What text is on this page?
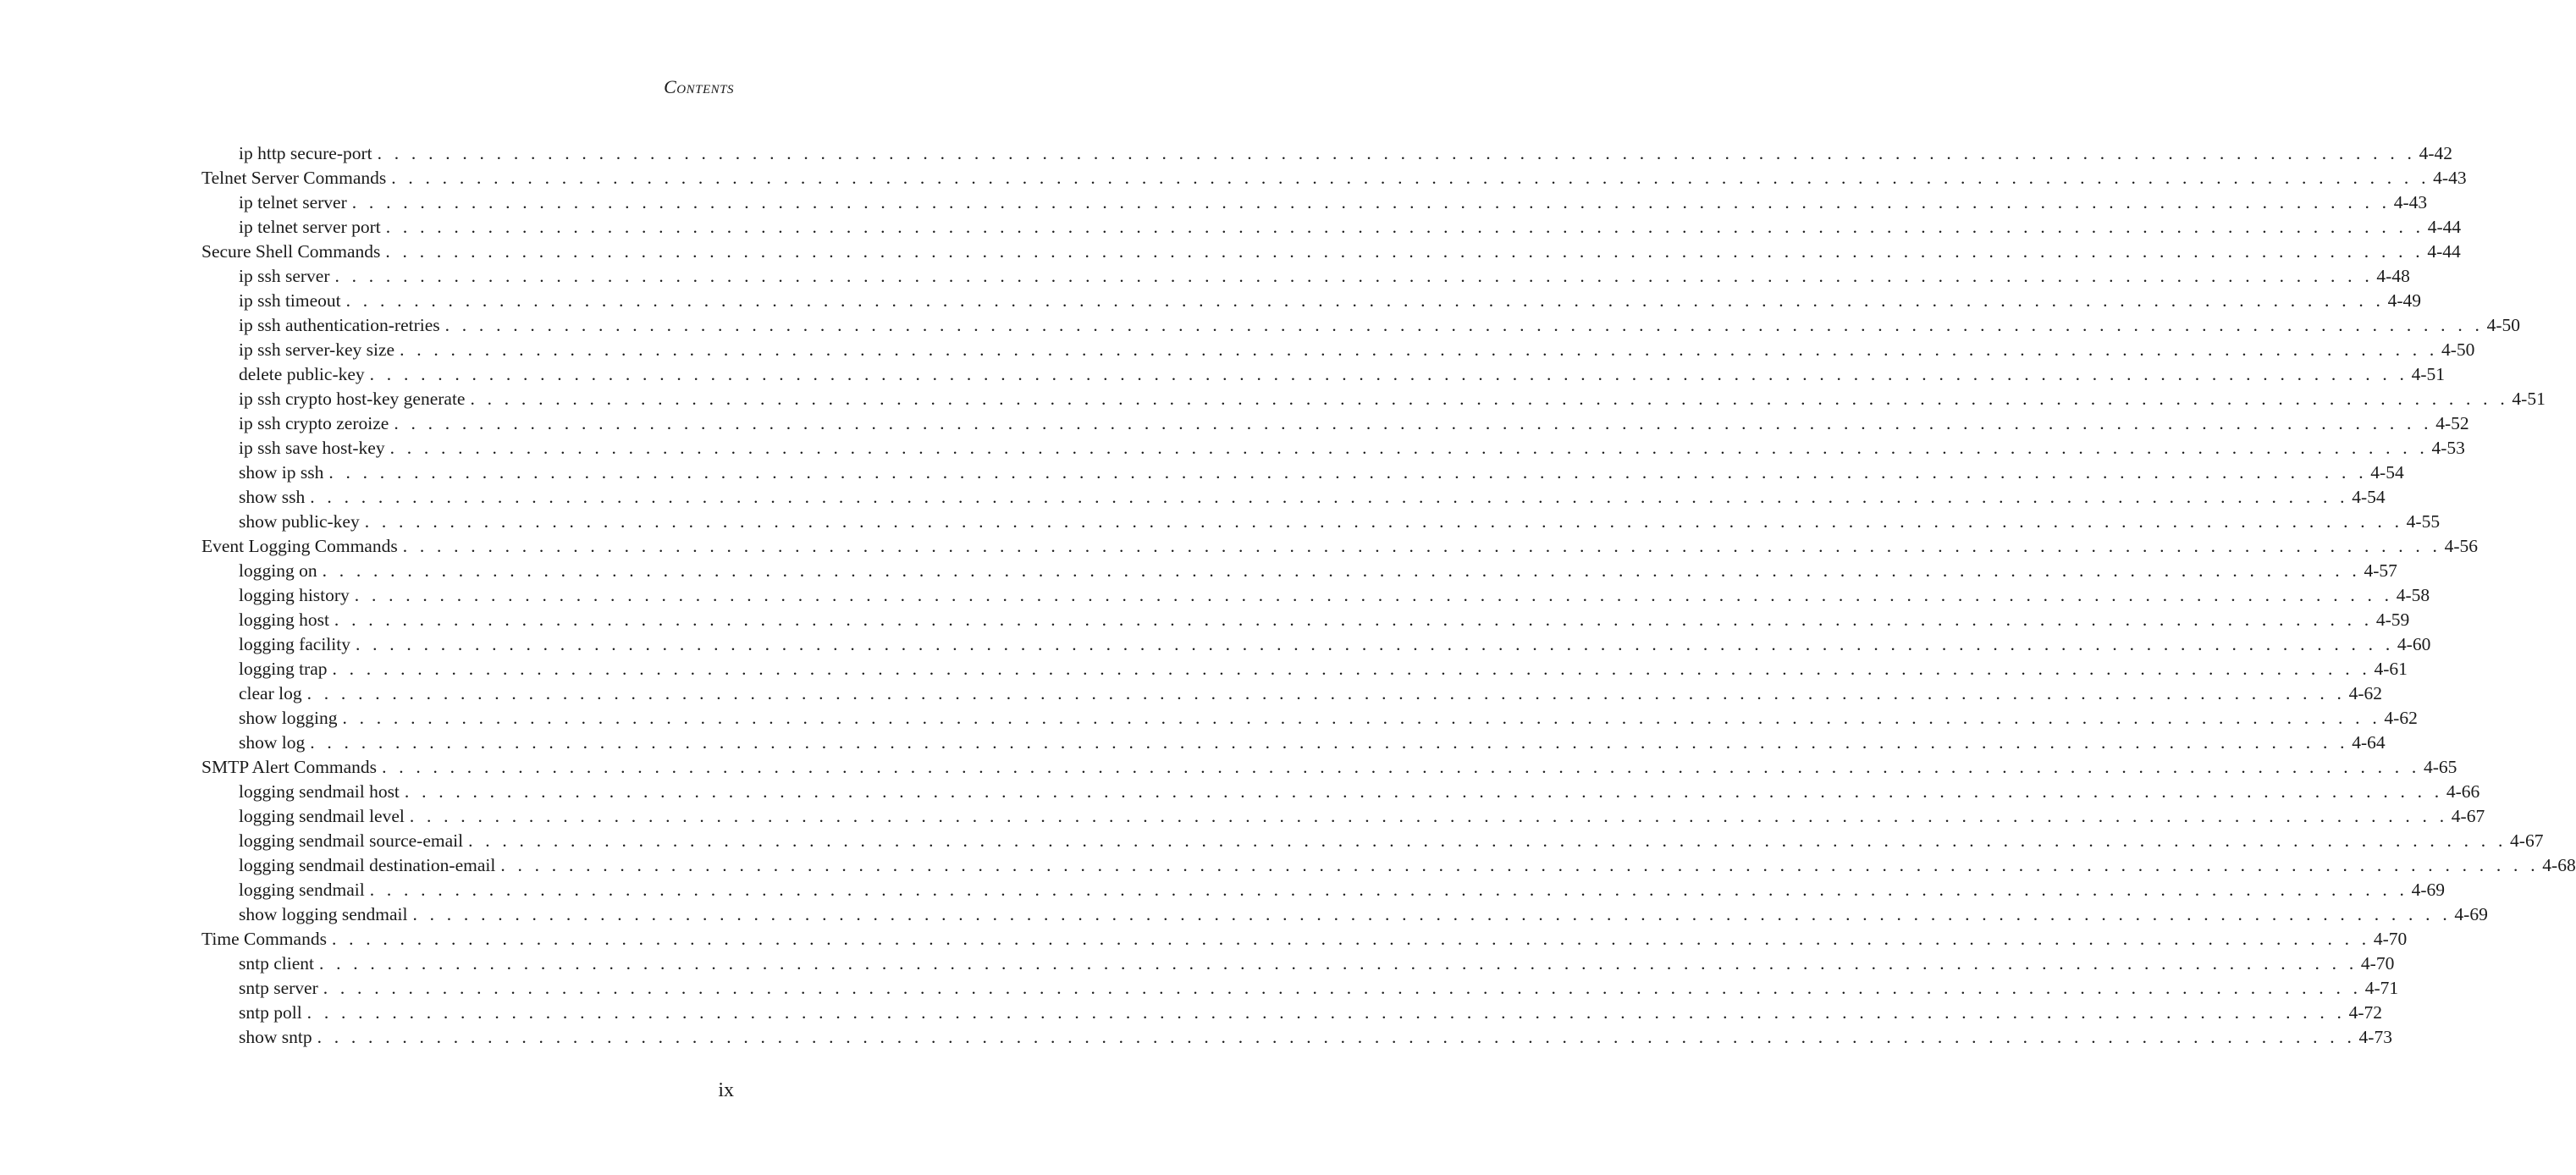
Contents
ip http secure-port . . . . . . . . . . . . . . . . . . . . . . . . . . . . . . . . . . . . . . . . . . . . . . . . . . . . . . . . . . . . . . . . . . . . . . . . . . . . . . . . . . . . . . . . . . . . . . . . . . . . . . . . . . . . . . . . . . . . . . . . 4-42
Telnet Server Commands . . . . . . . . . . . . . . . . . . . . . . . . . . . . . . . . . . . . . . . . . . . . . . . . . . . . . . . . . . . . . . . . . . . . . . . . . . . . . . . . . . . . . . . . . . . . . . . . . . . . . . . . . . . . . . . . . . . . . . . . 4-43
ip telnet server . . . . . . . . . . . . . . . . . . . . . . . . . . . . . . . . . . . . . . . . . . . . . . . . . . . . . . . . . . . . . . . . . . . . . . . . . . . . . . . . . . . . . . . . . . . . . . . . . . . . . . . . . . . . . . . . . . . . . . . . 4-43
ip telnet server port . . . . . . . . . . . . . . . . . . . . . . . . . . . . . . . . . . . . . . . . . . . . . . . . . . . . . . . . . . . . . . . . . . . . . . . . . . . . . . . . . . . . . . . . . . . . . . . . . . . . . . . . . . . . . . . . . . . . . . . . 4-44
Secure Shell Commands . . . . . . . . . . . . . . . . . . . . . . . . . . . . . . . . . . . . . . . . . . . . . . . . . . . . . . . . . . . . . . . . . . . . . . . . . . . . . . . . . . . . . . . . . . . . . . . . . . . . . . . . . . . . . . . . . . . . . . . . 4-44
ip ssh server . . . . . . . . . . . . . . . . . . . . . . . . . . . . . . . . . . . . . . . . . . . . . . . . . . . . . . . . . . . . . . . . . . . . . . . . . . . . . . . . . . . . . . . . . . . . . . . . . . . . . . . . . . . . . . . . . . . . . . . . 4-48
ip ssh timeout . . . . . . . . . . . . . . . . . . . . . . . . . . . . . . . . . . . . . . . . . . . . . . . . . . . . . . . . . . . . . . . . . . . . . . . . . . . . . . . . . . . . . . . . . . . . . . . . . . . . . . . . . . . . . . . . . . . . . . . . 4-49
ip ssh authentication-retries . . . . . . . . . . . . . . . . . . . . . . . . . . . . . . . . . . . . . . . . . . . . . . . . . . . . . . . . . . . . . . . . . . . . . . . . . . . . . . . . . . . . . . . . . . . . . . . . . . . . . . . . . . . . . . . . . . . . . . . . 4-50
ip ssh server-key size . . . . . . . . . . . . . . . . . . . . . . . . . . . . . . . . . . . . . . . . . . . . . . . . . . . . . . . . . . . . . . . . . . . . . . . . . . . . . . . . . . . . . . . . . . . . . . . . . . . . . . . . . . . . . . . . . . . . . . . . 4-50
delete public-key . . . . . . . . . . . . . . . . . . . . . . . . . . . . . . . . . . . . . . . . . . . . . . . . . . . . . . . . . . . . . . . . . . . . . . . . . . . . . . . . . . . . . . . . . . . . . . . . . . . . . . . . . . . . . . . . . . . . . . . . 4-51
ip ssh crypto host-key generate . . . . . . . . . . . . . . . . . . . . . . . . . . . . . . . . . . . . . . . . . . . . . . . . . . . . . . . . . . . . . . . . . . . . . . . . . . . . . . . . . . . . . . . . . . . . . . . . . . . . . . . . . . . . . . . . . . . . . . . . 4-51
ip ssh crypto zeroize . . . . . . . . . . . . . . . . . . . . . . . . . . . . . . . . . . . . . . . . . . . . . . . . . . . . . . . . . . . . . . . . . . . . . . . . . . . . . . . . . . . . . . . . . . . . . . . . . . . . . . . . . . . . . . . . . . . . . . . . 4-52
ip ssh save host-key . . . . . . . . . . . . . . . . . . . . . . . . . . . . . . . . . . . . . . . . . . . . . . . . . . . . . . . . . . . . . . . . . . . . . . . . . . . . . . . . . . . . . . . . . . . . . . . . . . . . . . . . . . . . . . . . . . . . . . . . 4-53
show ip ssh . . . . . . . . . . . . . . . . . . . . . . . . . . . . . . . . . . . . . . . . . . . . . . . . . . . . . . . . . . . . . . . . . . . . . . . . . . . . . . . . . . . . . . . . . . . . . . . . . . . . . . . . . . . . . . . . . . . . . . . . 4-54
show ssh . . . . . . . . . . . . . . . . . . . . . . . . . . . . . . . . . . . . . . . . . . . . . . . . . . . . . . . . . . . . . . . . . . . . . . . . . . . . . . . . . . . . . . . . . . . . . . . . . . . . . . . . . . . . . . . . . . . . . . . . 4-54
show public-key . . . . . . . . . . . . . . . . . . . . . . . . . . . . . . . . . . . . . . . . . . . . . . . . . . . . . . . . . . . . . . . . . . . . . . . . . . . . . . . . . . . . . . . . . . . . . . . . . . . . . . . . . . . . . . . . . . . . . . . . 4-55
Event Logging Commands . . . . . . . . . . . . . . . . . . . . . . . . . . . . . . . . . . . . . . . . . . . . . . . . . . . . . . . . . . . . . . . . . . . . . . . . . . . . . . . . . . . . . . . . . . . . . . . . . . . . . . . . . . . . . . . . . . . . . . . . 4-56
logging on . . . . . . . . . . . . . . . . . . . . . . . . . . . . . . . . . . . . . . . . . . . . . . . . . . . . . . . . . . . . . . . . . . . . . . . . . . . . . . . . . . . . . . . . . . . . . . . . . . . . . . . . . . . . . . . . . . . . . . . . 4-57
logging history . . . . . . . . . . . . . . . . . . . . . . . . . . . . . . . . . . . . . . . . . . . . . . . . . . . . . . . . . . . . . . . . . . . . . . . . . . . . . . . . . . . . . . . . . . . . . . . . . . . . . . . . . . . . . . . . . . . . . . . . 4-58
logging host . . . . . . . . . . . . . . . . . . . . . . . . . . . . . . . . . . . . . . . . . . . . . . . . . . . . . . . . . . . . . . . . . . . . . . . . . . . . . . . . . . . . . . . . . . . . . . . . . . . . . . . . . . . . . . . . . . . . . . . . 4-59
logging facility . . . . . . . . . . . . . . . . . . . . . . . . . . . . . . . . . . . . . . . . . . . . . . . . . . . . . . . . . . . . . . . . . . . . . . . . . . . . . . . . . . . . . . . . . . . . . . . . . . . . . . . . . . . . . . . . . . . . . . . . 4-60
logging trap . . . . . . . . . . . . . . . . . . . . . . . . . . . . . . . . . . . . . . . . . . . . . . . . . . . . . . . . . . . . . . . . . . . . . . . . . . . . . . . . . . . . . . . . . . . . . . . . . . . . . . . . . . . . . . . . . . . . . . . . 4-61
clear log . . . . . . . . . . . . . . . . . . . . . . . . . . . . . . . . . . . . . . . . . . . . . . . . . . . . . . . . . . . . . . . . . . . . . . . . . . . . . . . . . . . . . . . . . . . . . . . . . . . . . . . . . . . . . . . . . . . . . . . . 4-62
show logging . . . . . . . . . . . . . . . . . . . . . . . . . . . . . . . . . . . . . . . . . . . . . . . . . . . . . . . . . . . . . . . . . . . . . . . . . . . . . . . . . . . . . . . . . . . . . . . . . . . . . . . . . . . . . . . . . . . . . . . . 4-62
show log . . . . . . . . . . . . . . . . . . . . . . . . . . . . . . . . . . . . . . . . . . . . . . . . . . . . . . . . . . . . . . . . . . . . . . . . . . . . . . . . . . . . . . . . . . . . . . . . . . . . . . . . . . . . . . . . . . . . . . . . 4-64
SMTP Alert Commands . . . . . . . . . . . . . . . . . . . . . . . . . . . . . . . . . . . . . . . . . . . . . . . . . . . . . . . . . . . . . . . . . . . . . . . . . . . . . . . . . . . . . . . . . . . . . . . . . . . . . . . . . . . . . . . . . . . . . . . . 4-65
logging sendmail host . . . . . . . . . . . . . . . . . . . . . . . . . . . . . . . . . . . . . . . . . . . . . . . . . . . . . . . . . . . . . . . . . . . . . . . . . . . . . . . . . . . . . . . . . . . . . . . . . . . . . . . . . . . . . . . . . . . . . . . . 4-66
logging sendmail level . . . . . . . . . . . . . . . . . . . . . . . . . . . . . . . . . . . . . . . . . . . . . . . . . . . . . . . . . . . . . . . . . . . . . . . . . . . . . . . . . . . . . . . . . . . . . . . . . . . . . . . . . . . . . . . . . . . . . . . . 4-67
logging sendmail source-email . . . . . . . . . . . . . . . . . . . . . . . . . . . . . . . . . . . . . . . . . . . . . . . . . . . . . . . . . . . . . . . . . . . . . . . . . . . . . . . . . . . . . . . . . . . . . . . . . . . . . . . . . . . . . . . . . . . . . . . . 4-67
logging sendmail destination-email . . . . . . . . . . . . . . . . . . . . . . . . . . . . . . . . . . . . . . . . . . . . . . . . . . . . . . . . . . . . . . . . . . . . . . . . . . . . . . . . . . . . . . . . . . . . . . . . . . . . . . . . . . . . . . . . . . . . . . . . 4-68
logging sendmail . . . . . . . . . . . . . . . . . . . . . . . . . . . . . . . . . . . . . . . . . . . . . . . . . . . . . . . . . . . . . . . . . . . . . . . . . . . . . . . . . . . . . . . . . . . . . . . . . . . . . . . . . . . . . . . . . . . . . . . . 4-69
show logging sendmail . . . . . . . . . . . . . . . . . . . . . . . . . . . . . . . . . . . . . . . . . . . . . . . . . . . . . . . . . . . . . . . . . . . . . . . . . . . . . . . . . . . . . . . . . . . . . . . . . . . . . . . . . . . . . . . . . . . . . . . . 4-69
Time Commands . . . . . . . . . . . . . . . . . . . . . . . . . . . . . . . . . . . . . . . . . . . . . . . . . . . . . . . . . . . . . . . . . . . . . . . . . . . . . . . . . . . . . . . . . . . . . . . . . . . . . . . . . . . . . . . . . . . . . . . . 4-70
sntp client . . . . . . . . . . . . . . . . . . . . . . . . . . . . . . . . . . . . . . . . . . . . . . . . . . . . . . . . . . . . . . . . . . . . . . . . . . . . . . . . . . . . . . . . . . . . . . . . . . . . . . . . . . . . . . . . . . . . . . . . 4-70
sntp server . . . . . . . . . . . . . . . . . . . . . . . . . . . . . . . . . . . . . . . . . . . . . . . . . . . . . . . . . . . . . . . . . . . . . . . . . . . . . . . . . . . . . . . . . . . . . . . . . . . . . . . . . . . . . . . . . . . . . . . . 4-71
sntp poll . . . . . . . . . . . . . . . . . . . . . . . . . . . . . . . . . . . . . . . . . . . . . . . . . . . . . . . . . . . . . . . . . . . . . . . . . . . . . . . . . . . . . . . . . . . . . . . . . . . . . . . . . . . . . . . . . . . . . . . . 4-72
show sntp . . . . . . . . . . . . . . . . . . . . . . . . . . . . . . . . . . . . . . . . . . . . . . . . . . . . . . . . . . . . . . . . . . . . . . . . . . . . . . . . . . . . . . . . . . . . . . . . . . . . . . . . . . . . . . . . . . . . . . . . 4-73
ix
